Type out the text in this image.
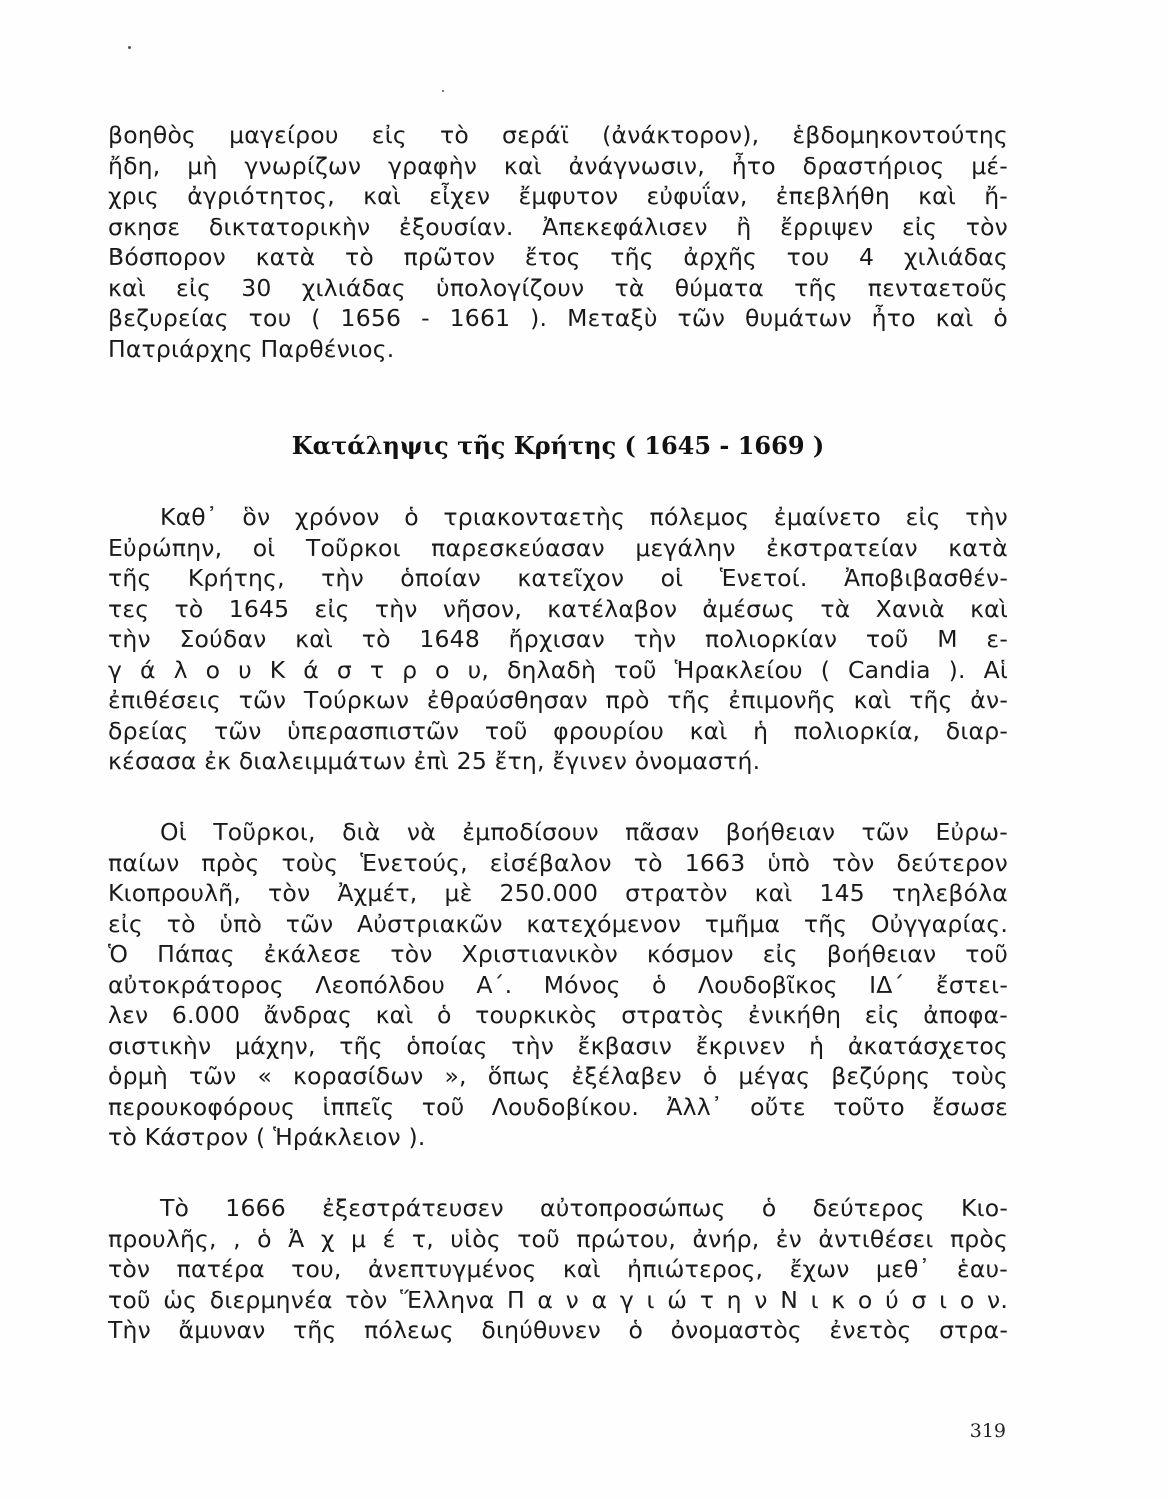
βοηθὸς μαγείρου εἰς τὸ σεράϊ (ἀνάκτορον), ἑβδομηκοντούτης
ἤδη, μὴ γνωρίζων γραφὴν καὶ ἀνάγνωσιν, ἦτο δραστήριος μέ-
χρις ἀγριότητος, καὶ εἶχεν ἔμφυτον εὐφυΐαν, ἐπεβλήθη καὶ ἤ-
σκησε δικτατορικὴν ἐξουσίαν. Ἀπεκεφάλισεν ἢ ἔρριψεν εἰς τὸν
Βόσπορον κατὰ τὸ πρῶτον ἔτος τῆς ἀρχῆς του 4 χιλιάδας
καὶ εἰς 30 χιλιάδας ὑπολογίζουν τὰ θύματα τῆς πενταετοῦς
βεζυρείας του ( 1656 - 1661 ). Μεταξὺ τῶν θυμάτων ἦτο καὶ ὁ
Πατριάρχης Παρθένιος.
Κατάληψις τῆς Κρήτης ( 1645 - 1669 )
Καθ᾿ ὃν χρόνον ὁ τριακονταετὴς πόλεμος ἐμαίνετο εἰς τὴν
Εὐρώπην, οἱ Τοῦρκοι παρεσκεύασαν μεγάλην ἐκστρατείαν κατὰ
τῆς Κρήτης, τὴν ὁποίαν κατεῖχον οἱ Ἑνετοί. Ἀποβιβασθέν-
τες τὸ 1645 εἰς τὴν νῆσον, κατέλαβον ἀμέσως τὰ Χανιὰ καὶ
τὴν Σούδαν καὶ τὸ 1648 ἤρχισαν τὴν πολιορκίαν τοῦ Μ ε-
γ ά λ ο υ Κ ά σ τ ρ ο υ, δηλαδὴ τοῦ Ἡρακλείου ( Candia ). Αἱ
ἐπιθέσεις τῶν Τούρκων ἐθραύσθησαν πρὸ τῆς ἐπιμονῆς καὶ τῆς ἀν-
δρείας τῶν ὑπερασπιστῶν τοῦ φρουρίου καὶ ἡ πολιορκία, διαρ-
κέσασα ἐκ διαλειμμάτων ἐπὶ 25 ἔτη, ἔγινεν ὀνομαστή.
Οἱ Τοῦρκοι, διὰ νὰ ἐμποδίσουν πᾶσαν βοήθειαν τῶν Εὐρω-
παίων πρὸς τοὺς Ἑνετούς, εἰσέβαλον τὸ 1663 ὑπὸ τὸν δεύτερον
Κιοπρουλῆ, τὸν Ἀχμέτ, μὲ 250.000 στρατὸν καὶ 145 τηλεβόλα
εἰς τὸ ὑπὸ τῶν Αὐστριακῶν κατεχόμενον τμῆμα τῆς Οὐγγαρίας.
Ὁ Πάπας ἐκάλεσε τὸν Χριστιανικὸν κόσμον εἰς βοήθειαν τοῦ
αὐτοκράτορος Λεοπόλδου Α΄. Μόνος ὁ Λουδοβῖκος ΙΔ΄ ἔστει-
λεν 6.000 ἄνδρας καὶ ὁ τουρκικὸς στρατὸς ἐνικήθη εἰς ἀποφα-
σιστικὴν μάχην, τῆς ὁποίας τὴν ἔκβασιν ἔκρινεν ἡ ἀκατάσχετος
ὁρμὴ τῶν « κορασίδων », ὅπως ἐξέλαβεν ὁ μέγας βεζύρης τοὺς
περουκοφόρους ἱππεῖς τοῦ Λουδοβίκου. Ἀλλ᾿ οὔτε τοῦτο ἔσωσε
τὸ Κάστρον ( Ἡράκλειον ).
Τὸ 1666 ἐξεστράτευσεν αὐτοπροσώπως ὁ δεύτερος Κιο-
προυλῆς, , ὁ Ἀ χ μ έ τ, υἱὸς τοῦ πρώτου, ἀνήρ, ἐν ἀντιθέσει πρὸς
τὸν πατέρα του, ἀνεπτυγμένος καὶ ἠπιώτερος, ἔχων μεθ᾿ ἑαυ-
τοῦ ὡς διερμηνέα τὸν Ἕλληνα Π α ν α γ ι ώ τ η ν Ν ι κ ο ύ σ ι ο ν.
Τὴν ἄμυναν τῆς πόλεως διηύθυνεν ὁ ὀνομαστὸς ἐνετὸς στρα-
319
